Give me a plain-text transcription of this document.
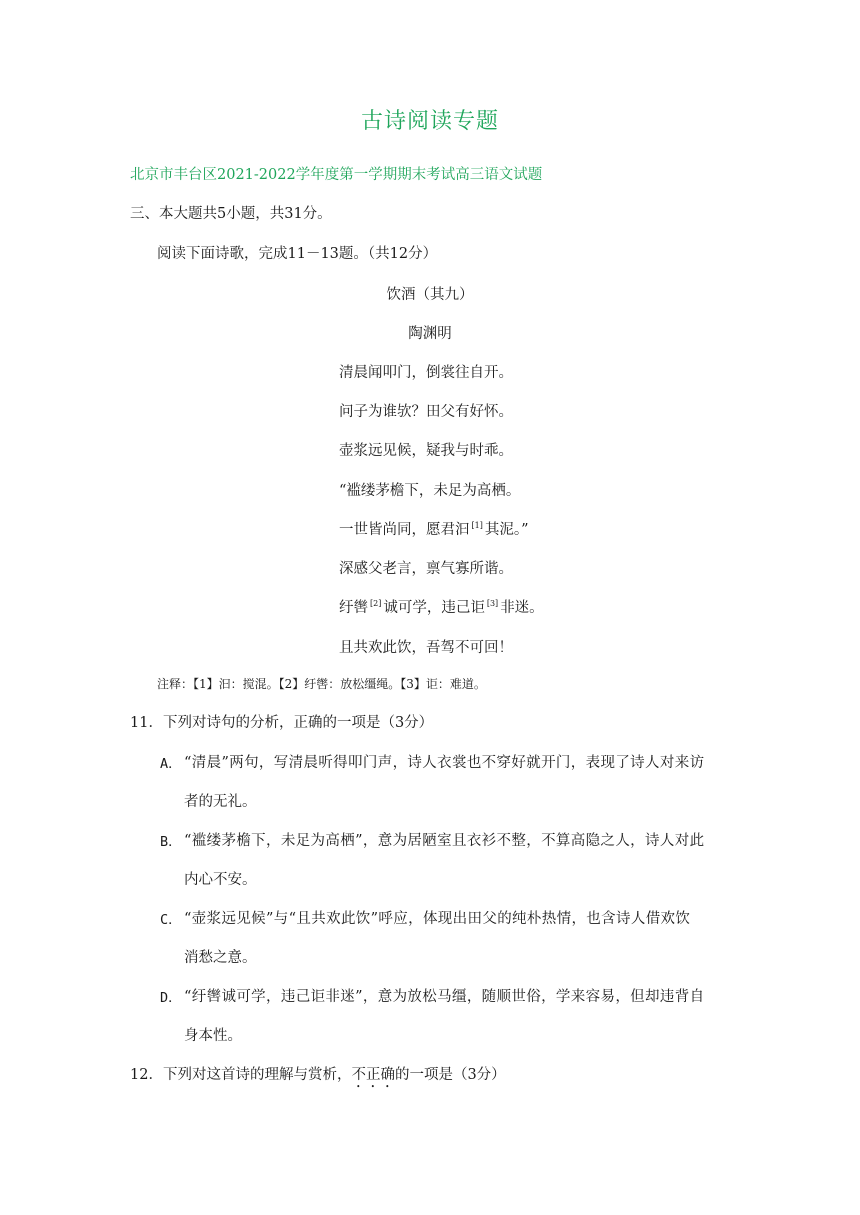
古诗阅读专题
北京市丰台区2021-2022学年度第一学期期末考试高三语文试题
三、本大题共5小题，共31分。
阅读下面诗歌，完成11－13题。（共12分）
饮酒（其九）
陶渊明
清晨闻叩门，倒裳往自开。
问子为谁欤？田父有好怀。
壶浆远见候，疑我与时乖。
“褴缕茅檐下，未足为高栖。
一世皆尚同，愿君汩 [1] 其泥。”
深感父老言，禀气寡所谐。
纡辔 [2] 诚可学，违己讵 [3] 非迷。
且共欢此饮，吾驾不可回！
注释：【1】汩：搅混。【2】纡辔：放松缰绳。【3】讵：难道。
11．下列对诗句的分析，正确的一项是（3分）
A． “清晨”两句，写清晨听得叩门声，诗人衣裳也不穿好就开门，表现了诗人对来访
者的无礼。
B． “褴缕茅檐下，未足为高栖”，意为居陋室且衣衫不整，不算高隐之人，诗人对此
内心不安。
C． “壶浆远见候”与“且共欢此饮”呼应，体现出田父的纯朴热情，也含诗人借欢饮
消愁之意。
D． “纡辔诚可学，违己讵非迷”，意为放松马缰，随顺世俗，学来容易，但却违背自
身本性。
12．下列对这首诗的理解与赏析，不正确的一项是（3分）
